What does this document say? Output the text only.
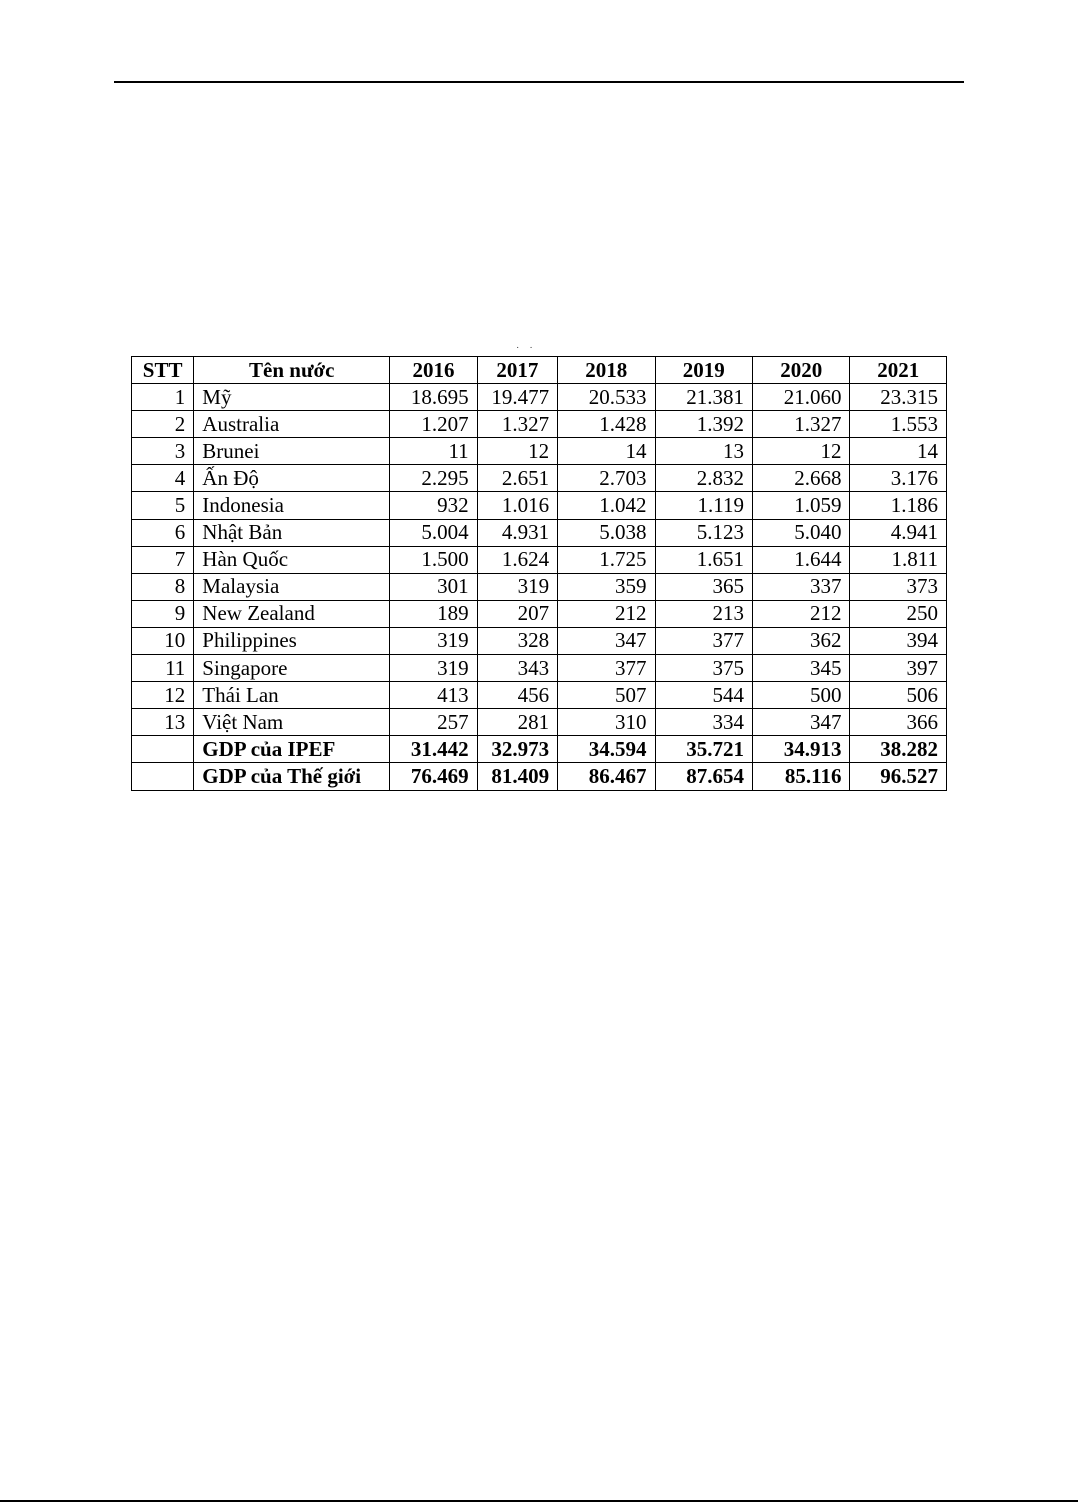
˙˙
STT	Tên nước	2016	2017	2018	2019	2020	2021
1	Mỹ	18.695	19.477	20.533	21.381	21.060	23.315
2	Australia	1.207	1.327	1.428	1.392	1.327	1.553
3	Brunei	11	12	14	13	12	14
4	Ấn Độ	2.295	2.651	2.703	2.832	2.668	3.176
5	Indonesia	932	1.016	1.042	1.119	1.059	1.186
6	Nhật Bản	5.004	4.931	5.038	5.123	5.040	4.941
7	Hàn Quốc	1.500	1.624	1.725	1.651	1.644	1.811
8	Malaysia	301	319	359	365	337	373
9	New Zealand	189	207	212	213	212	250
10	Philippines	319	328	347	377	362	394
11	Singapore	319	343	377	375	345	397
12	Thái Lan	413	456	507	544	500	506
13	Việt Nam	257	281	310	334	347	366
	GDP của IPEF	31.442	32.973	34.594	35.721	34.913	38.282
	GDP của Thế giới	76.469	81.409	86.467	87.654	85.116	96.527
